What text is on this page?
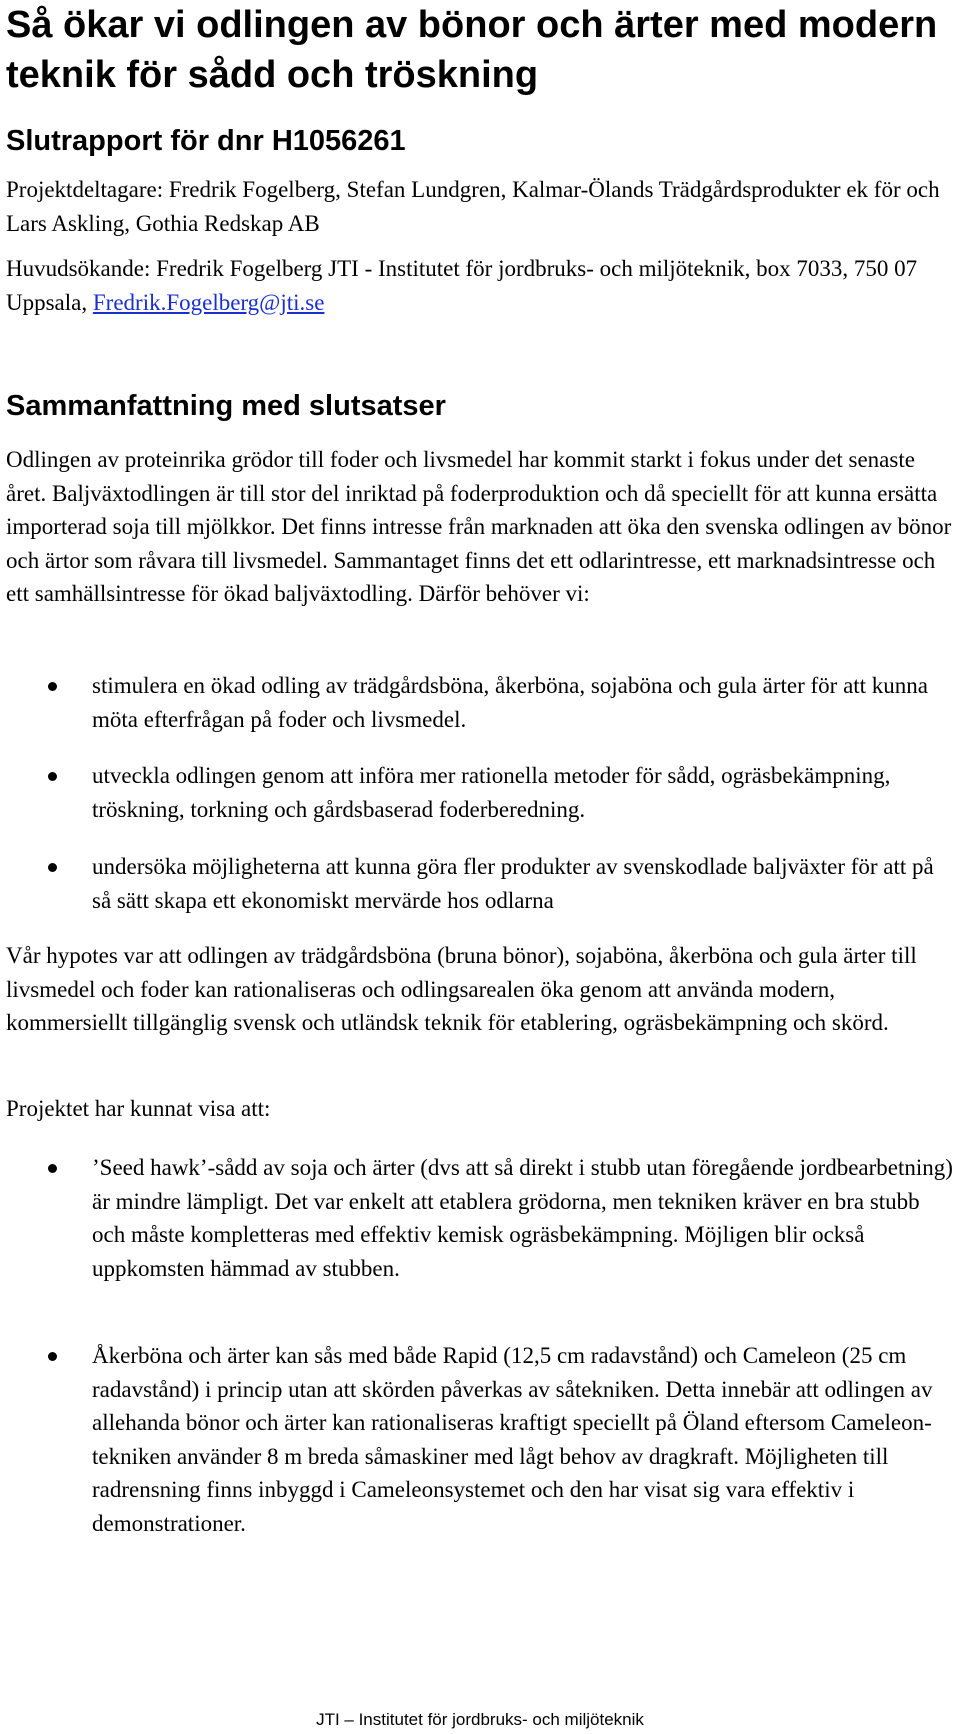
Så ökar vi odlingen av bönor och ärter med modern teknik för sådd och tröskning
Slutrapport för dnr H1056261

Projektdeltagare: Fredrik Fogelberg, Stefan Lundgren, Kalmar-Ölands Trädgårdsprodukter ek för och Lars Askling, Gothia Redskap AB

Huvudsökande: Fredrik Fogelberg JTI - Institutet för jordbruks- och miljöteknik, box 7033, 750 07 Uppsala, Fredrik.Fogelberg@jti.se

Sammanfattning med slutsatser

Odlingen av proteinrika grödor till foder och livsmedel har kommit starkt i fokus under det senaste året. Baljväxtodlingen är till stor del inriktad på foderproduktion och då speciellt för att kunna ersätta importerad soja till mjölkkor. Det finns intresse från marknaden att öka den svenska odlingen av bönor och ärtor som råvara till livsmedel. Sammantaget finns det ett odlarintresse, ett marknadsintresse och ett samhällsintresse för ökad baljväxtodling. Därför behöver vi:

stimulera en ökad odling av trädgårdsböna, åkerböna, sojaböna och gula ärter för att kunna möta efterfrågan på foder och livsmedel.
utveckla odlingen genom att införa mer rationella metoder för sådd, ogräsbekämpning, tröskning, torkning och gårdsbaserad foderberedning.
undersöka möjligheterna att kunna göra fler produkter av svenskodlade baljväxter för att på så sätt skapa ett ekonomiskt mervärde hos odlarna

Vår hypotes var att odlingen av trädgårdsböna (bruna bönor), sojaböna, åkerböna och gula ärter till livsmedel och foder kan rationaliseras och odlingsarealen öka genom att använda modern, kommersiellt tillgänglig svensk och utländsk teknik för etablering, ogräsbekämpning och skörd.

Projektet har kunnat visa att:

’Seed hawk’-sådd av soja och ärter (dvs att så direkt i stubb utan föregående jordbearbetning) är mindre lämpligt. Det var enkelt att etablera grödorna, men tekniken kräver en bra stubb och måste kompletteras med effektiv kemisk ogräsbekämpning. Möjligen blir också uppkomsten hämmad av stubben.
Åkerböna och ärter kan sås med både Rapid (12,5 cm radavstånd) och Cameleon (25 cm radavstånd) i princip utan att skörden påverkas av såtekniken. Detta innebär att odlingen av allehanda bönor och ärter kan rationaliseras kraftigt speciellt på Öland eftersom Cameleon-tekniken använder 8 m breda såmaskiner med lågt behov av dragkraft. Möjligheten till radrensning finns inbyggd i Cameleonsystemet och den har visat sig vara effektiv i demonstrationer.
JTI – Institutet för jordbruks- och miljöteknik
